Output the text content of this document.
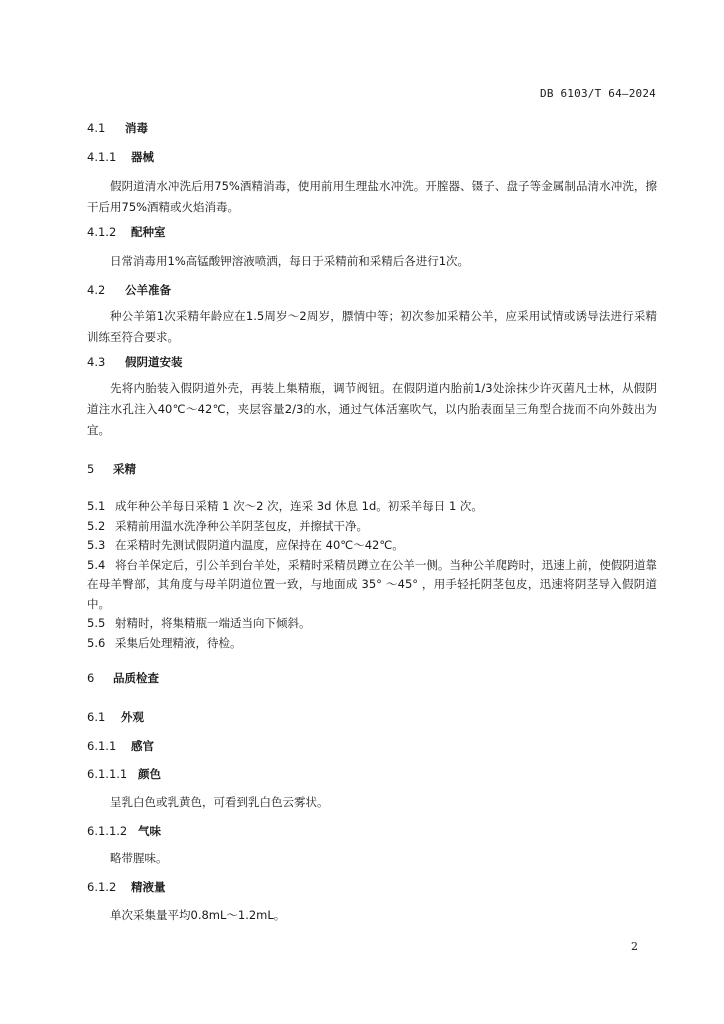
DB 6103/T 64—2024
4.1 消毒
4.1.1 器械
假阴道清水冲洗后用75%酒精消毒，使用前用生理盐水冲洗。开膣器、镊子、盘子等金属制品清水冲洗，擦干后用75%酒精或火焰消毒。
4.1.2 配种室
日常消毒用1%高锰酸钾溶液喷洒，每日于采精前和采精后各进行1次。
4.2 公羊准备
种公羊第1次采精年龄应在1.5周岁～2周岁，膘情中等；初次参加采精公羊，应采用试情或诱导法进行采精训练至符合要求。
4.3 假阴道安装
先将内胎装入假阴道外壳，再装上集精瓶，调节阀钮。在假阴道内胎前1/3处涂抹少许灭菌凡士林，从假阴道注水孔注入40℃～42℃，夹层容量2/3的水，通过气体活塞吹气，以内胎表面呈三角型合拢而不向外鼓出为宜。
5 采精
5.1 成年种公羊每日采精 1 次～2 次，连采 3d 休息 1d。初采羊每日 1 次。
5.2 采精前用温水洗净种公羊阴茎包皮，并擦拭干净。
5.3 在采精时先测试假阴道内温度，应保持在 40℃～42℃。
5.4 将台羊保定后，引公羊到台羊处，采精时采精员蹲立在公羊一侧。当种公羊爬跨时，迅速上前，使假阴道靠在母羊臀部，其角度与母羊阴道位置一致，与地面成 35° ～45° ，用手轻托阴茎包皮，迅速将阴茎导入假阴道中。
5.5 射精时，将集精瓶一端适当向下倾斜。
5.6 采集后处理精液，待检。
6 品质检查
6.1 外观
6.1.1 感官
6.1.1.1 颜色
呈乳白色或乳黄色，可看到乳白色云雾状。
6.1.1.2 气味
略带腥味。
6.1.2 精液量
单次采集量平均0.8mL～1.2mL。
2
